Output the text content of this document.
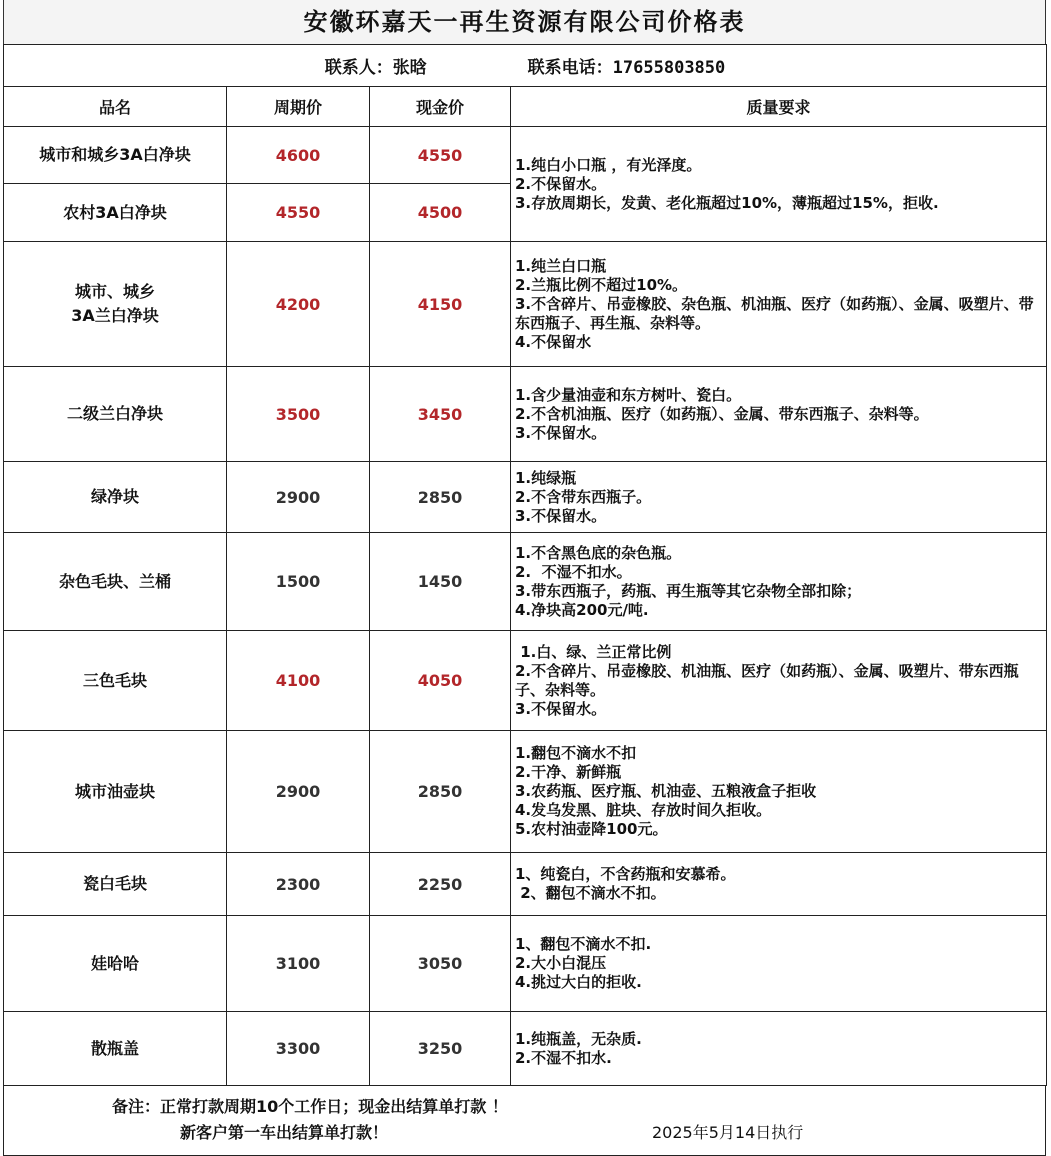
安徽环嘉天一再生资源有限公司价格表
联系人：张晗 联系电话：17655803850			
品名	周期价	现金价	质量要求
城市和城乡3A白净块	4600	4550	1.纯白小口瓶 ，有光泽度。
2.不保留水。
3.存放周期长，发黄、老化瓶超过10%，薄瓶超过15%，拒收.

农村3A白净块	4550	4500	

城市、城乡
3A兰白净块	4200	4150	1.纯兰白口瓶
2.兰瓶比例不超过10%。
3.不含碎片、吊壶橡胶、杂色瓶、机油瓶、医疗（如药瓶）、金属、吸塑片、带东西瓶子、再生瓶、杂料等。
4.不保留水

二级兰白净块	3500	3450	1.含少量油壶和东方树叶、瓷白。
2.不含机油瓶、医疗（如药瓶）、金属、带东西瓶子、杂料等。
3.不保留水。

绿净块	2900	2850	1.纯绿瓶
2.不含带东西瓶子。
3.不保留水。

杂色毛块、兰桶	1500	1450	1.不含黑色底的杂色瓶。
2.  不湿不扣水。
3.带东西瓶子，药瓶、再生瓶等其它杂物全部扣除；
4.净块高200元/吨.

三色毛块	4100	4050	1.白、绿、兰正常比例
2.不含碎片、吊壶橡胶、机油瓶、医疗（如药瓶）、金属、吸塑片、带东西瓶子、杂料等。
3.不保留水。

城市油壶块	2900	2850	1.翻包不滴水不扣
2.干净、新鲜瓶
3.农药瓶、医疗瓶、机油壶、五粮液盒子拒收
4.发乌发黑、脏块、存放时间久拒收。
5.农村油壶降100元。

瓷白毛块	2300	2250	1、纯瓷白，不含药瓶和安慕希。
2、翻包不滴水不扣。

娃哈哈	3100	3050	1、翻包不滴水不扣.
2.大小白混压
4.挑过大白的拒收.

散瓶盖	3300	3250	1.纯瓶盖，无杂质.
2.不湿不扣水.
备注：正常打款周期10个工作日；现金出结算单打款 ！
新客户第一车出结算单打款！	2025年5月14日执行
